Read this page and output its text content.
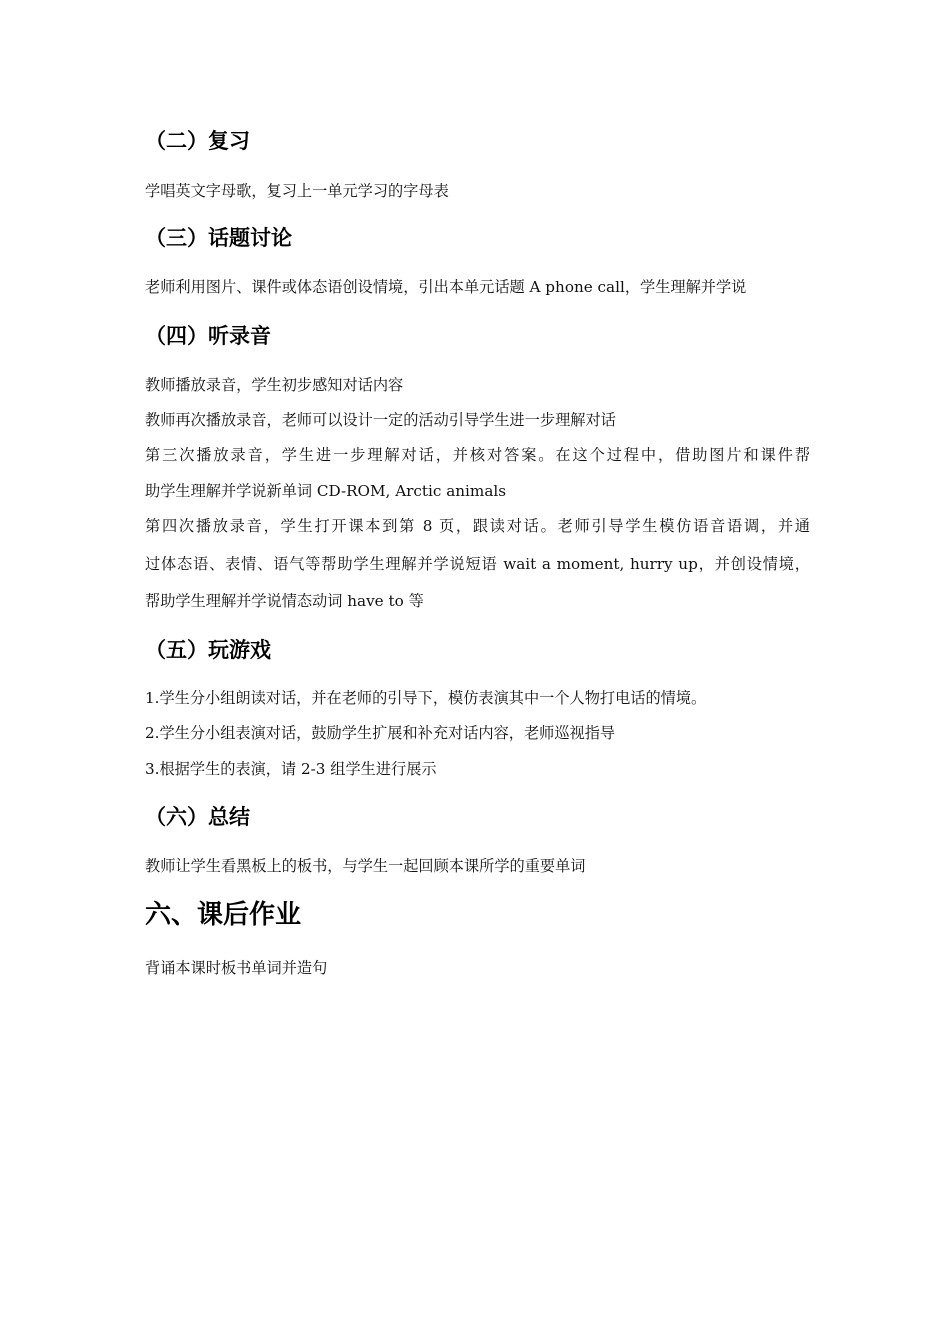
（二）复习
学唱英文字母歌，复习上一单元学习的字母表
（三）话题讨论
老师利用图片、课件或体态语创设情境，引出本单元话题 A phone call，学生理解并学说
（四）听录音
教师播放录音，学生初步感知对话内容
教师再次播放录音，老师可以设计一定的活动引导学生进一步理解对话
第三次播放录音，学生进一步理解对话，并核对答案。在这个过程中，借助图片和课件帮
助学生理解并学说新单词 CD-ROM, Arctic animals
第四次播放录音，学生打开课本到第 8 页，跟读对话。老师引导学生模仿语音语调，并通
过体态语、表情、语气等帮助学生理解并学说短语 wait a moment, hurry up，并创设情境，
帮助学生理解并学说情态动词 have to 等
（五）玩游戏
1.学生分小组朗读对话，并在老师的引导下，模仿表演其中一个人物打电话的情境。
2.学生分小组表演对话，鼓励学生扩展和补充对话内容，老师巡视指导
3.根据学生的表演，请 2-3 组学生进行展示
（六）总结
教师让学生看黑板上的板书，与学生一起回顾本课所学的重要单词
六、课后作业
背诵本课时板书单词并造句
